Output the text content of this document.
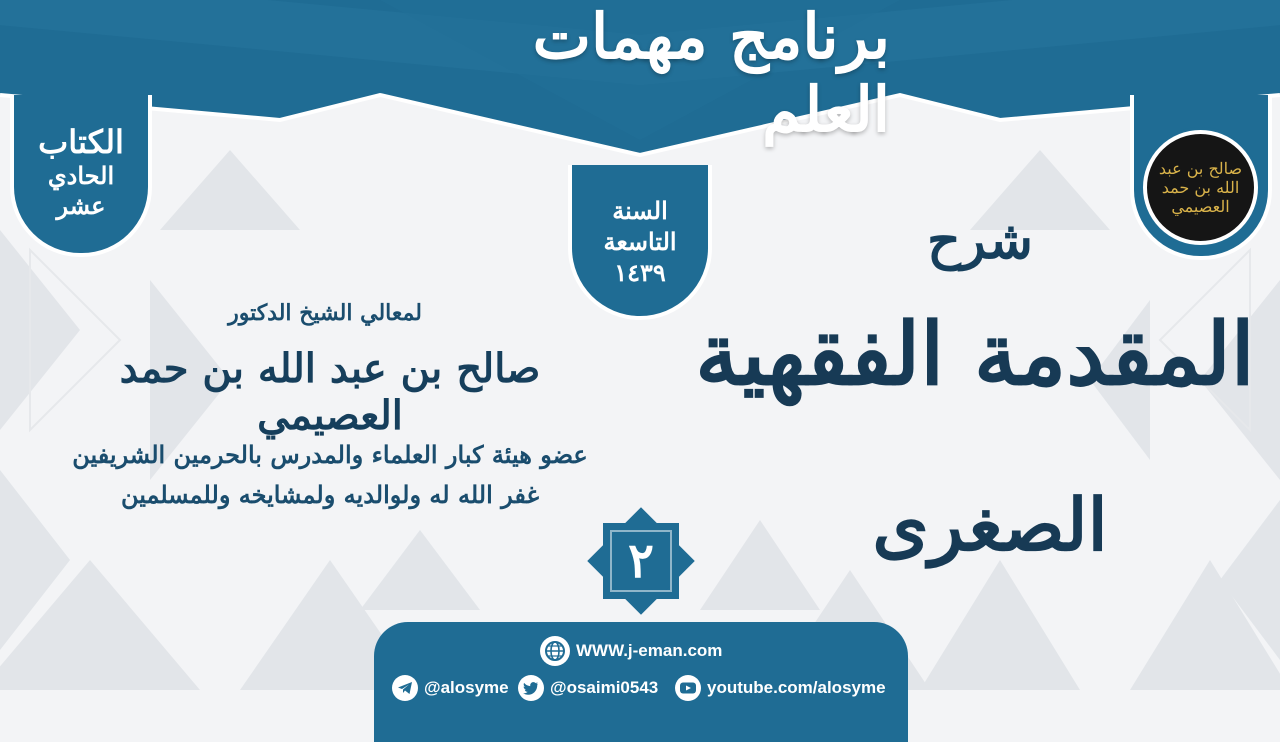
برنامج مهمات العلم
الكتاب
الحادي
عشر	السنة
التاسعة
١٤٣٩
صالح بن عبد الله بن حمد العصيمي
شرح
المقدمة الفقهية
الصغرى
لمعالي الشيخ الدكتور
صالح بن عبد الله بن حمد العصيمي
عضو هيئة كبار العلماء والمدرس بالحرمين الشريفين
غفر الله له ولوالديه ولمشايخه وللمسلمين
٢
WWW.j-eman.com
@alosyme @osaimi0543	youtube.com/alosyme
